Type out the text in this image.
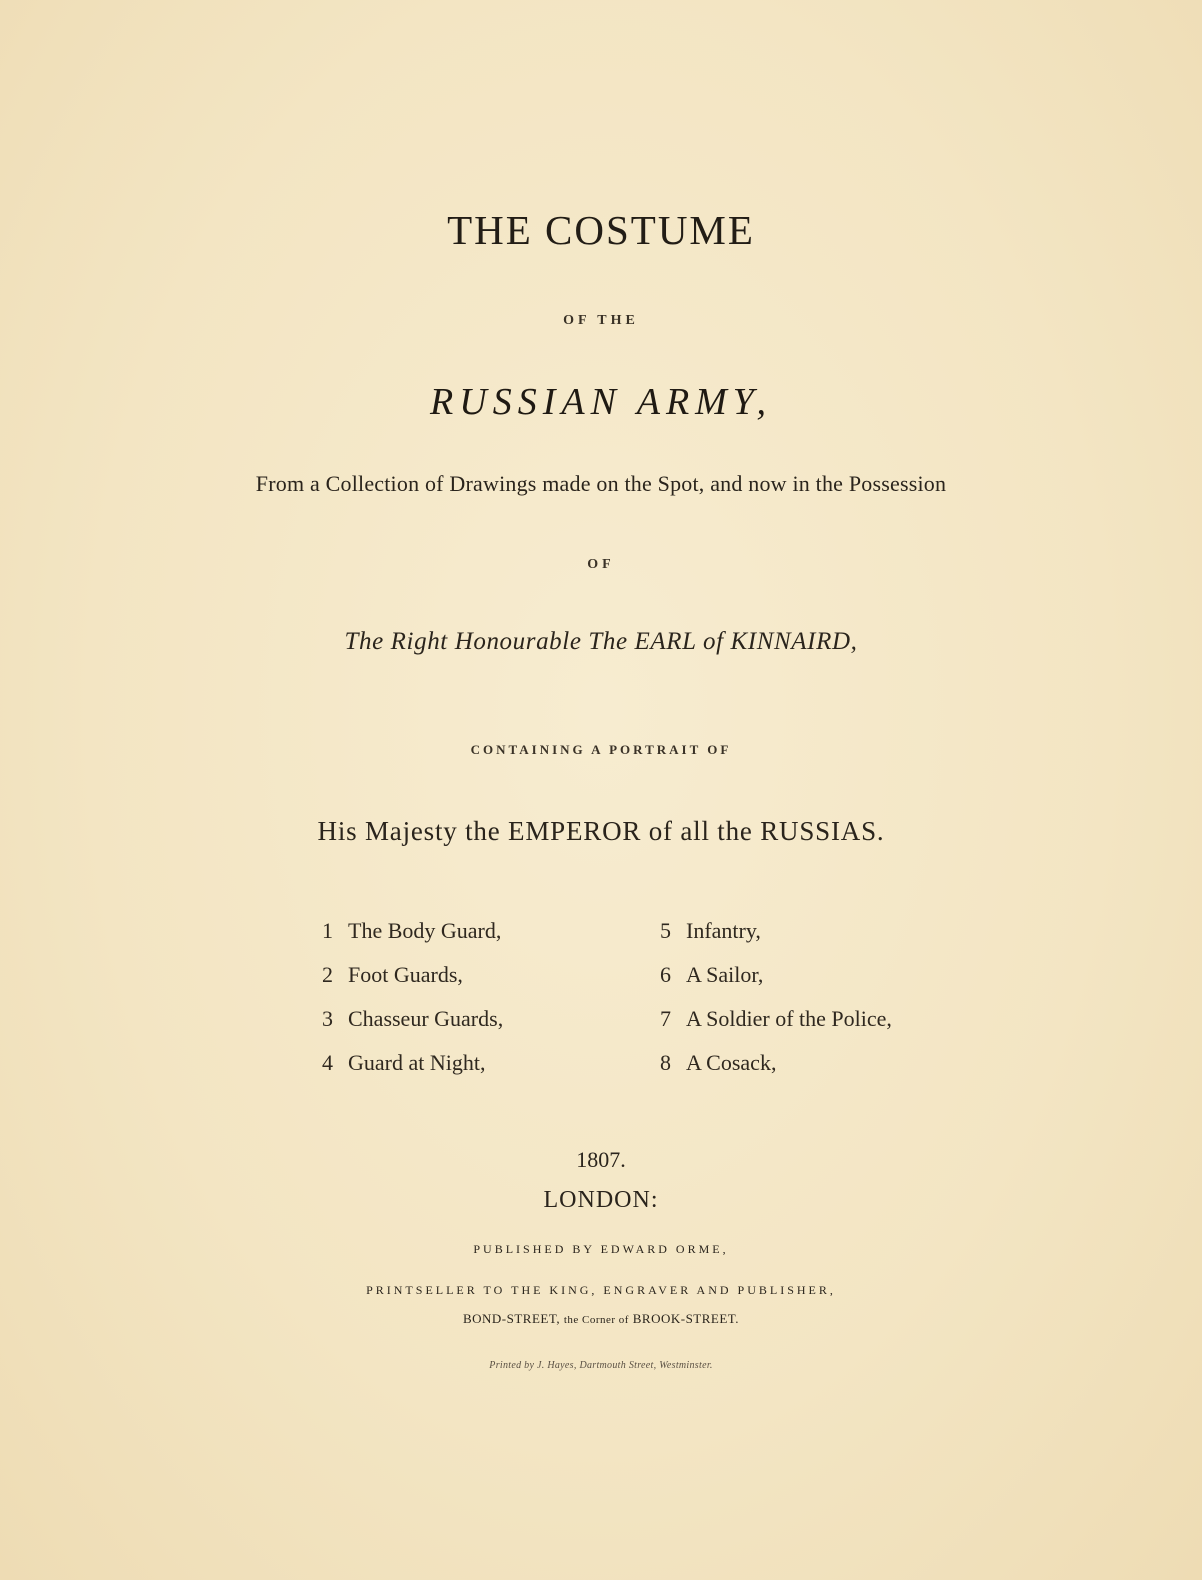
THE COSTUME
OF THE
RUSSIAN ARMY,
From a Collection of Drawings made on the Spot, and now in the Possession
OF
The Right Honourable The EARL of KINNAIRD,
CONTAINING A PORTRAIT OF
His Majesty the EMPEROR of all the RUSSIAS.
1 The Body Guard,
2 Foot Guards,
3 Chasseur Guards,
4 Guard at Night,
5 Infantry,
6 A Sailor,
7 A Soldier of the Police,
8 A Cosack,
1807.
LONDON:
PUBLISHED BY EDWARD ORME,
PRINTSELLER TO THE KING, ENGRAVER AND PUBLISHER,
BOND-STREET, the Corner of BROOK-STREET.
Printed by J. Hayes, Dartmouth Street, Westminster.
